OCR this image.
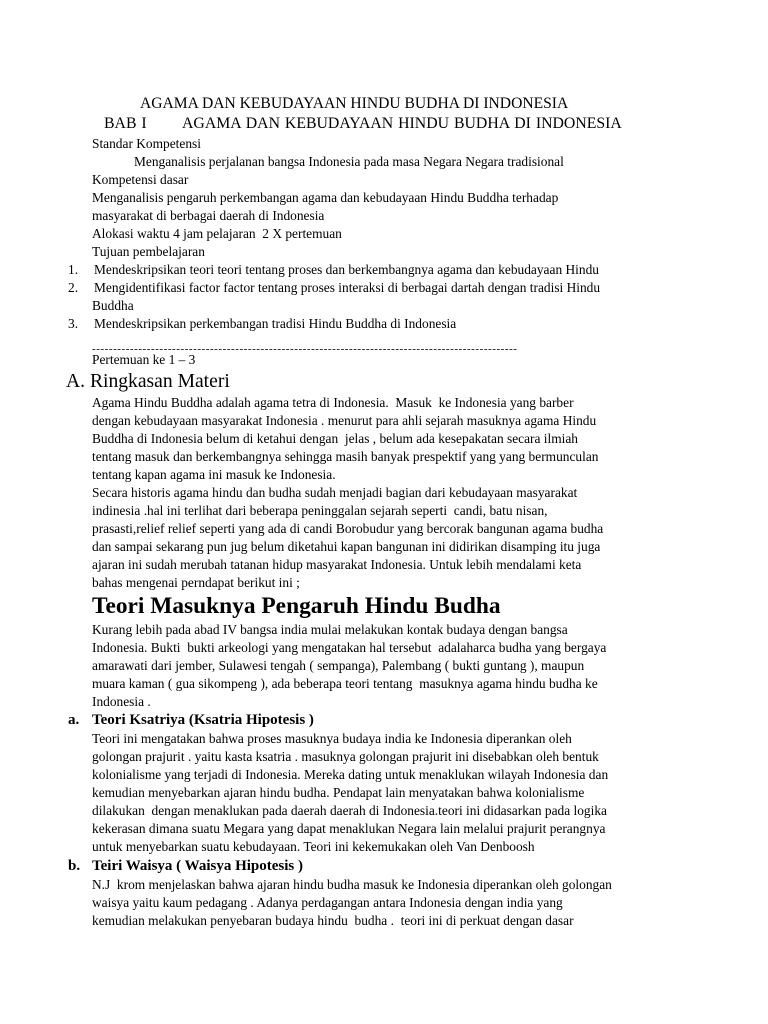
AGAMA DAN KEBUDAYAAN HINDU BUDHA DI INDONESIA
BAB I AGAMA DAN KEBUDAYAAN HINDU BUDHA DI INDONESIA
Standar Kompetensi
Menganalisis perjalanan bangsa Indonesia pada masa Negara Negara tradisional
Kompetensi dasar
Menganalisis pengaruh perkembangan agama dan kebudayaan Hindu Buddha terhadap
masyarakat di berbagai daerah di Indonesia
Alokasi waktu 4 jam pelajaran  2 X pertemuan
Tujuan pembelajaran
1. Mendeskripsikan teori teori tentang proses dan berkembangnya agama dan kebudayaan Hindu
2. Mengidentifikasi factor factor tentang proses interaksi di berbagai dartah dengan tradisi Hindu
Buddha
3. Mendeskripsikan perkembangan tradisi Hindu Buddha di Indonesia
-----------------------------------------------------------------------------------------------------
Pertemuan ke 1 – 3
A. Ringkasan Materi
Agama Hindu Buddha adalah agama tetra di Indonesia.  Masuk  ke Indonesia yang barber
dengan kebudayaan masyarakat Indonesia . menurut para ahli sejarah masuknya agama Hindu
Buddha di Indonesia belum di ketahui dengan  jelas , belum ada kesepakatan secara ilmiah
tentang masuk dan berkembangnya sehingga masih banyak prespektif yang yang bermunculan
tentang kapan agama ini masuk ke Indonesia.
Secara historis agama hindu dan budha sudah menjadi bagian dari kebudayaan masyarakat
indinesia .hal ini terlihat dari beberapa peninggalan sejarah seperti  candi, batu nisan,
prasasti,relief relief seperti yang ada di candi Borobudur yang bercorak bangunan agama budha
dan sampai sekarang pun jug belum diketahui kapan bangunan ini didirikan disamping itu juga
ajaran ini sudah merubah tatanan hidup masyarakat Indonesia. Untuk lebih mendalami keta
bahas mengenai perndapat berikut ini ;
Teori Masuknya Pengaruh Hindu Budha
Kurang lebih pada abad IV bangsa india mulai melakukan kontak budaya dengan bangsa
Indonesia. Bukti  bukti arkeologi yang mengatakan hal tersebut  adalaharca budha yang bergaya
amarawati dari jember, Sulawesi tengah ( sempanga), Palembang ( bukti guntang ), maupun
muara kaman ( gua sikompeng ), ada beberapa teori tentang  masuknya agama hindu budha ke
Indonesia .
a. Teori Ksatriya (Ksatria Hipotesis )
Teori ini mengatakan bahwa proses masuknya budaya india ke Indonesia diperankan oleh
golongan prajurit . yaitu kasta ksatria . masuknya golongan prajurit ini disebabkan oleh bentuk
kolonialisme yang terjadi di Indonesia. Mereka dating untuk menaklukan wilayah Indonesia dan
kemudian menyebarkan ajaran hindu budha. Pendapat lain menyatakan bahwa kolonialisme
dilakukan  dengan menaklukan pada daerah daerah di Indonesia.teori ini didasarkan pada logika
kekerasan dimana suatu Megara yang dapat menaklukan Negara lain melalui prajurit perangnya
untuk menyebarkan suatu kebudayaan. Teori ini kekemukakan oleh Van Denboosh
b. Teiri Waisya ( Waisya Hipotesis )
N.J  krom menjelaskan bahwa ajaran hindu budha masuk ke Indonesia diperankan oleh golongan
waisya yaitu kaum pedagang . Adanya perdagangan antara Indonesia dengan india yang
kemudian melakukan penyebaran budaya hindu  budha .  teori ini di perkuat dengan dasar
